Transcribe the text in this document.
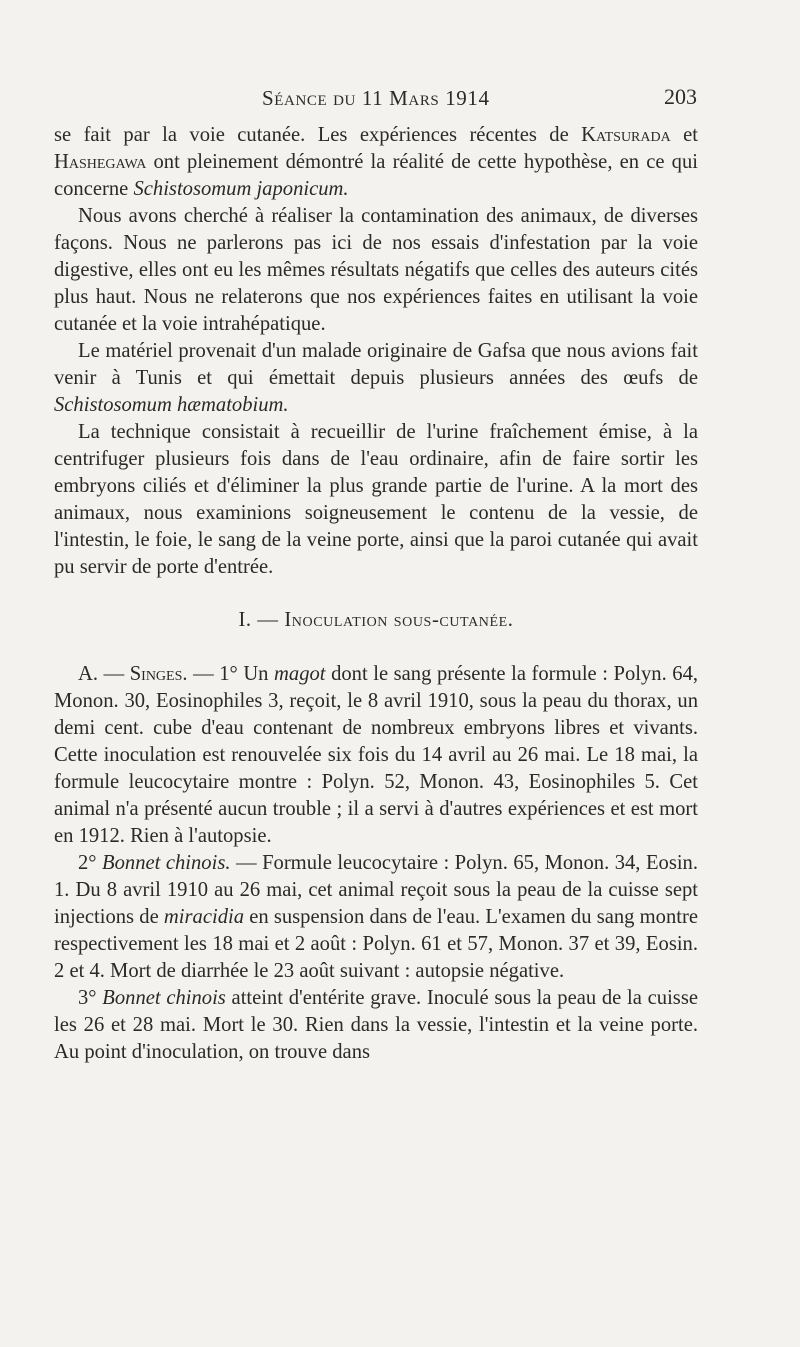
Séance du 11 Mars 1914	203

se fait par la voie cutanée. Les expériences récentes de Katsurada et Hashegawa ont pleinement démontré la réalité de cette hypothèse, en ce qui concerne Schistosomum japonicum.

Nous avons cherché à réaliser la contamination des animaux, de diverses façons. Nous ne parlerons pas ici de nos essais d'infestation par la voie digestive, elles ont eu les mêmes résultats négatifs que celles des auteurs cités plus haut. Nous ne relaterons que nos expériences faites en utilisant la voie cutanée et la voie intrahépatique.

Le matériel provenait d'un malade originaire de Gafsa que nous avions fait venir à Tunis et qui émettait depuis plusieurs années des œufs de Schistosomum hæmatobium.

La technique consistait à recueillir de l'urine fraîchement émise, à la centrifuger plusieurs fois dans de l'eau ordinaire, afin de faire sortir les embryons ciliés et d'éliminer la plus grande partie de l'urine. A la mort des animaux, nous examinions soigneusement le contenu de la vessie, de l'intestin, le foie, le sang de la veine porte, ainsi que la paroi cutanée qui avait pu servir de porte d'entrée.

I. — Inoculation sous-cutanée.

A. — Singes. — 1° Un magot dont le sang présente la formule : Polyn. 64, Monon. 30, Eosinophiles 3, reçoit, le 8 avril 1910, sous la peau du thorax, un demi cent. cube d'eau contenant de nombreux embryons libres et vivants. Cette inoculation est renouvelée six fois du 14 avril au 26 mai. Le 18 mai, la formule leucocytaire montre : Polyn. 52, Monon. 43, Eosinophiles 5. Cet animal n'a présenté aucun trouble ; il a servi à d'autres expériences et est mort en 1912. Rien à l'autopsie.

2° Bonnet chinois. — Formule leucocytaire : Polyn. 65, Monon. 34, Eosin. 1. Du 8 avril 1910 au 26 mai, cet animal reçoit sous la peau de la cuisse sept injections de miracidia en suspension dans de l'eau. L'examen du sang montre respectivement les 18 mai et 2 août : Polyn. 61 et 57, Monon. 37 et 39, Eosin. 2 et 4. Mort de diarrhée le 23 août suivant : autopsie négative.

3° Bonnet chinois atteint d'entérite grave. Inoculé sous la peau de la cuisse les 26 et 28 mai. Mort le 30. Rien dans la vessie, l'intestin et la veine porte. Au point d'inoculation, on trouve dans
